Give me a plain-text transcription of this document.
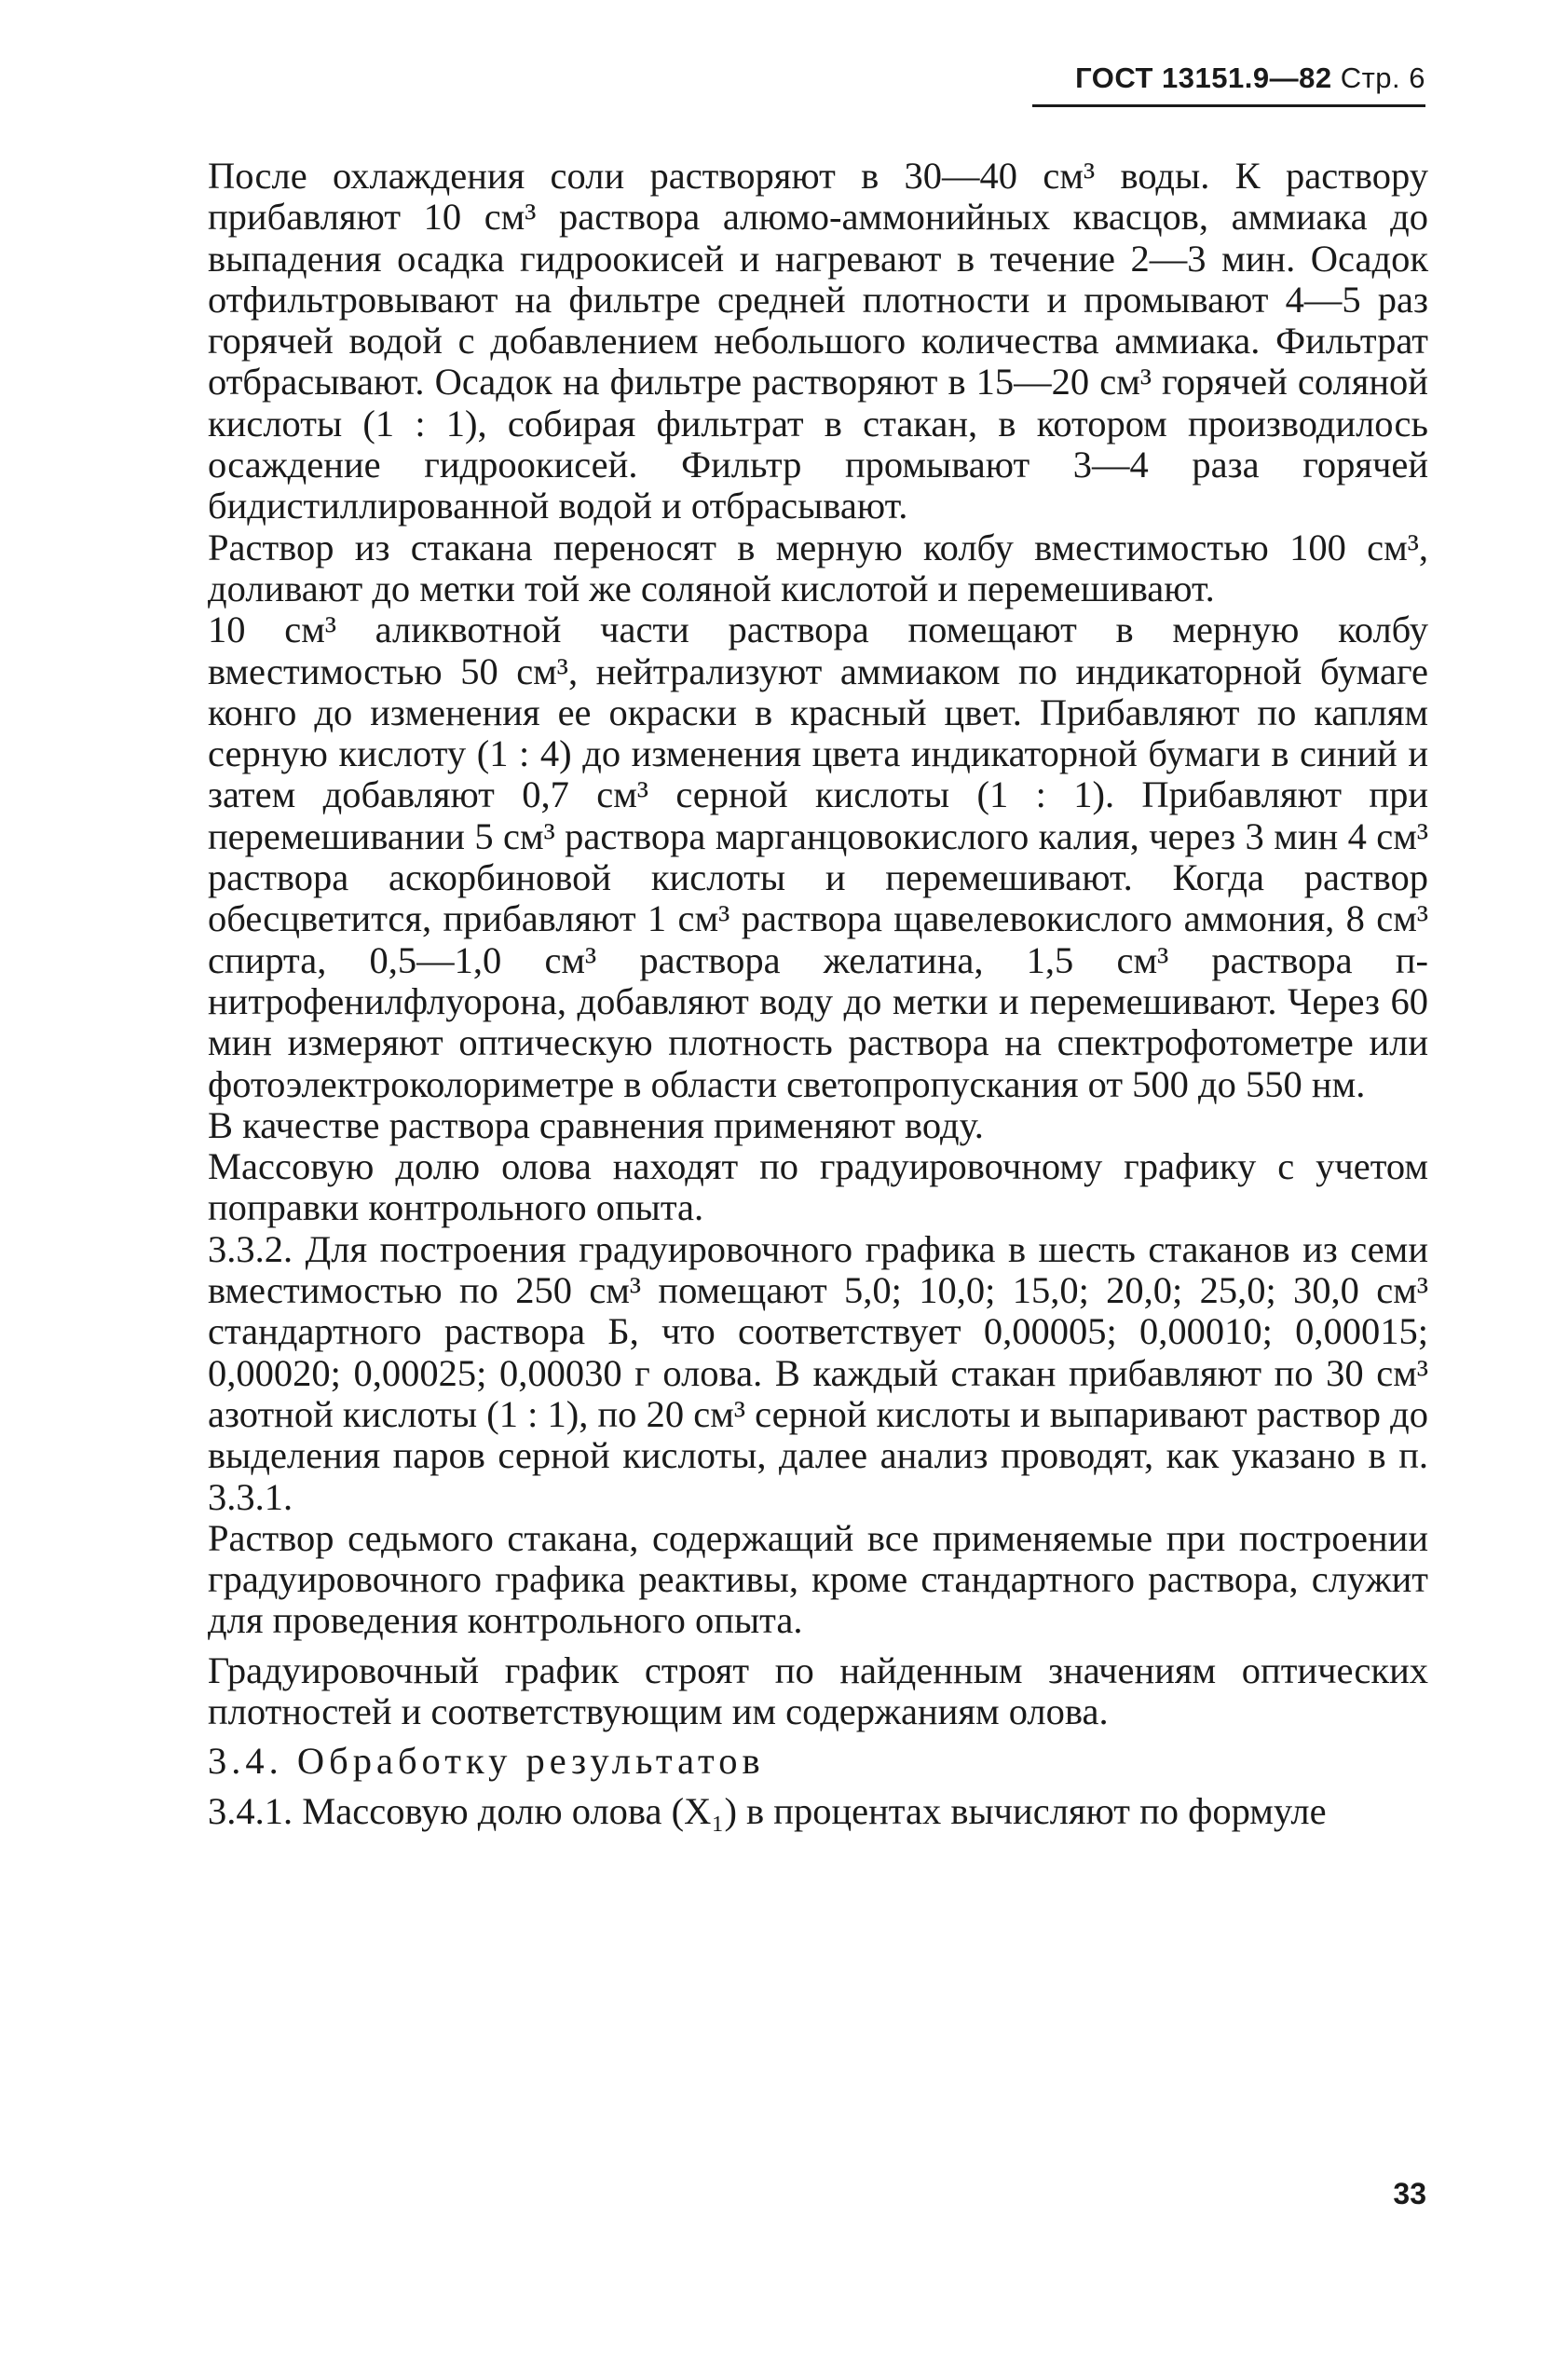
ГОСТ 13151.9—82 Стр. 6

После охлаждения соли растворяют в 30—40 см³ воды. К раствору прибавляют 10 см³ раствора алюмо-аммонийных квасцов, аммиака до выпадения осадка гидроокисей и нагревают в течение 2—3 мин. Осадок отфильтровывают на фильтре средней плотности и промывают 4—5 раз горячей водой с добавлением небольшого количества аммиака. Фильтрат отбрасывают. Осадок на фильтре растворяют в 15—20 см³ горячей соляной кислоты (1 : 1), собирая фильтрат в стакан, в котором производилось осаждение гидроокисей. Фильтр промывают 3—4 раза горячей бидистиллированной водой и отбрасывают.

Раствор из стакана переносят в мерную колбу вместимостью 100 см³, доливают до метки той же соляной кислотой и перемешивают.

10 см³ аликвотной части раствора помещают в мерную колбу вместимостью 50 см³, нейтрализуют аммиаком по индикаторной бумаге конго до изменения ее окраски в красный цвет. Прибавляют по каплям серную кислоту (1 : 4) до изменения цвета индикаторной бумаги в синий и затем добавляют 0,7 см³ серной кислоты (1 : 1). Прибавляют при перемешивании 5 см³ раствора марганцовокислого калия, через 3 мин 4 см³ раствора аскорбиновой кислоты и перемешивают. Когда раствор обесцветится, прибавляют 1 см³ раствора щавелевокислого аммония, 8 см³ спирта, 0,5—1,0 см³ раствора желатина, 1,5 см³ раствора п-нитрофенилфлуорона, добавляют воду до метки и перемешивают. Через 60 мин измеряют оптическую плотность раствора на спектрофотометре или фотоэлектроколориметре в области светопропускания от 500 до 550 нм.

В качестве раствора сравнения применяют воду.

Массовую долю олова находят по градуировочному графику с учетом поправки контрольного опыта.

3.3.2. Для построения градуировочного графика в шесть стаканов из семи вместимостью по 250 см³ помещают 5,0; 10,0; 15,0; 20,0; 25,0; 30,0 см³ стандартного раствора Б, что соответствует 0,00005; 0,00010; 0,00015; 0,00020; 0,00025; 0,00030 г олова. В каждый стакан прибавляют по 30 см³ азотной кислоты (1 : 1), по 20 см³ серной кислоты и выпаривают раствор до выделения паров серной кислоты, далее анализ проводят, как указано в п. 3.3.1.

Раствор седьмого стакана, содержащий все применяемые при построении градуировочного графика реактивы, кроме стандартного раствора, служит для проведения контрольного опыта.

Градуировочный график строят по найденным значениям оптических плотностей и соответствующим им содержаниям олова.

3.4. Обработку результатов

3.4.1. Массовую долю олова (X₁) в процентах вычисляют по формуле

33
